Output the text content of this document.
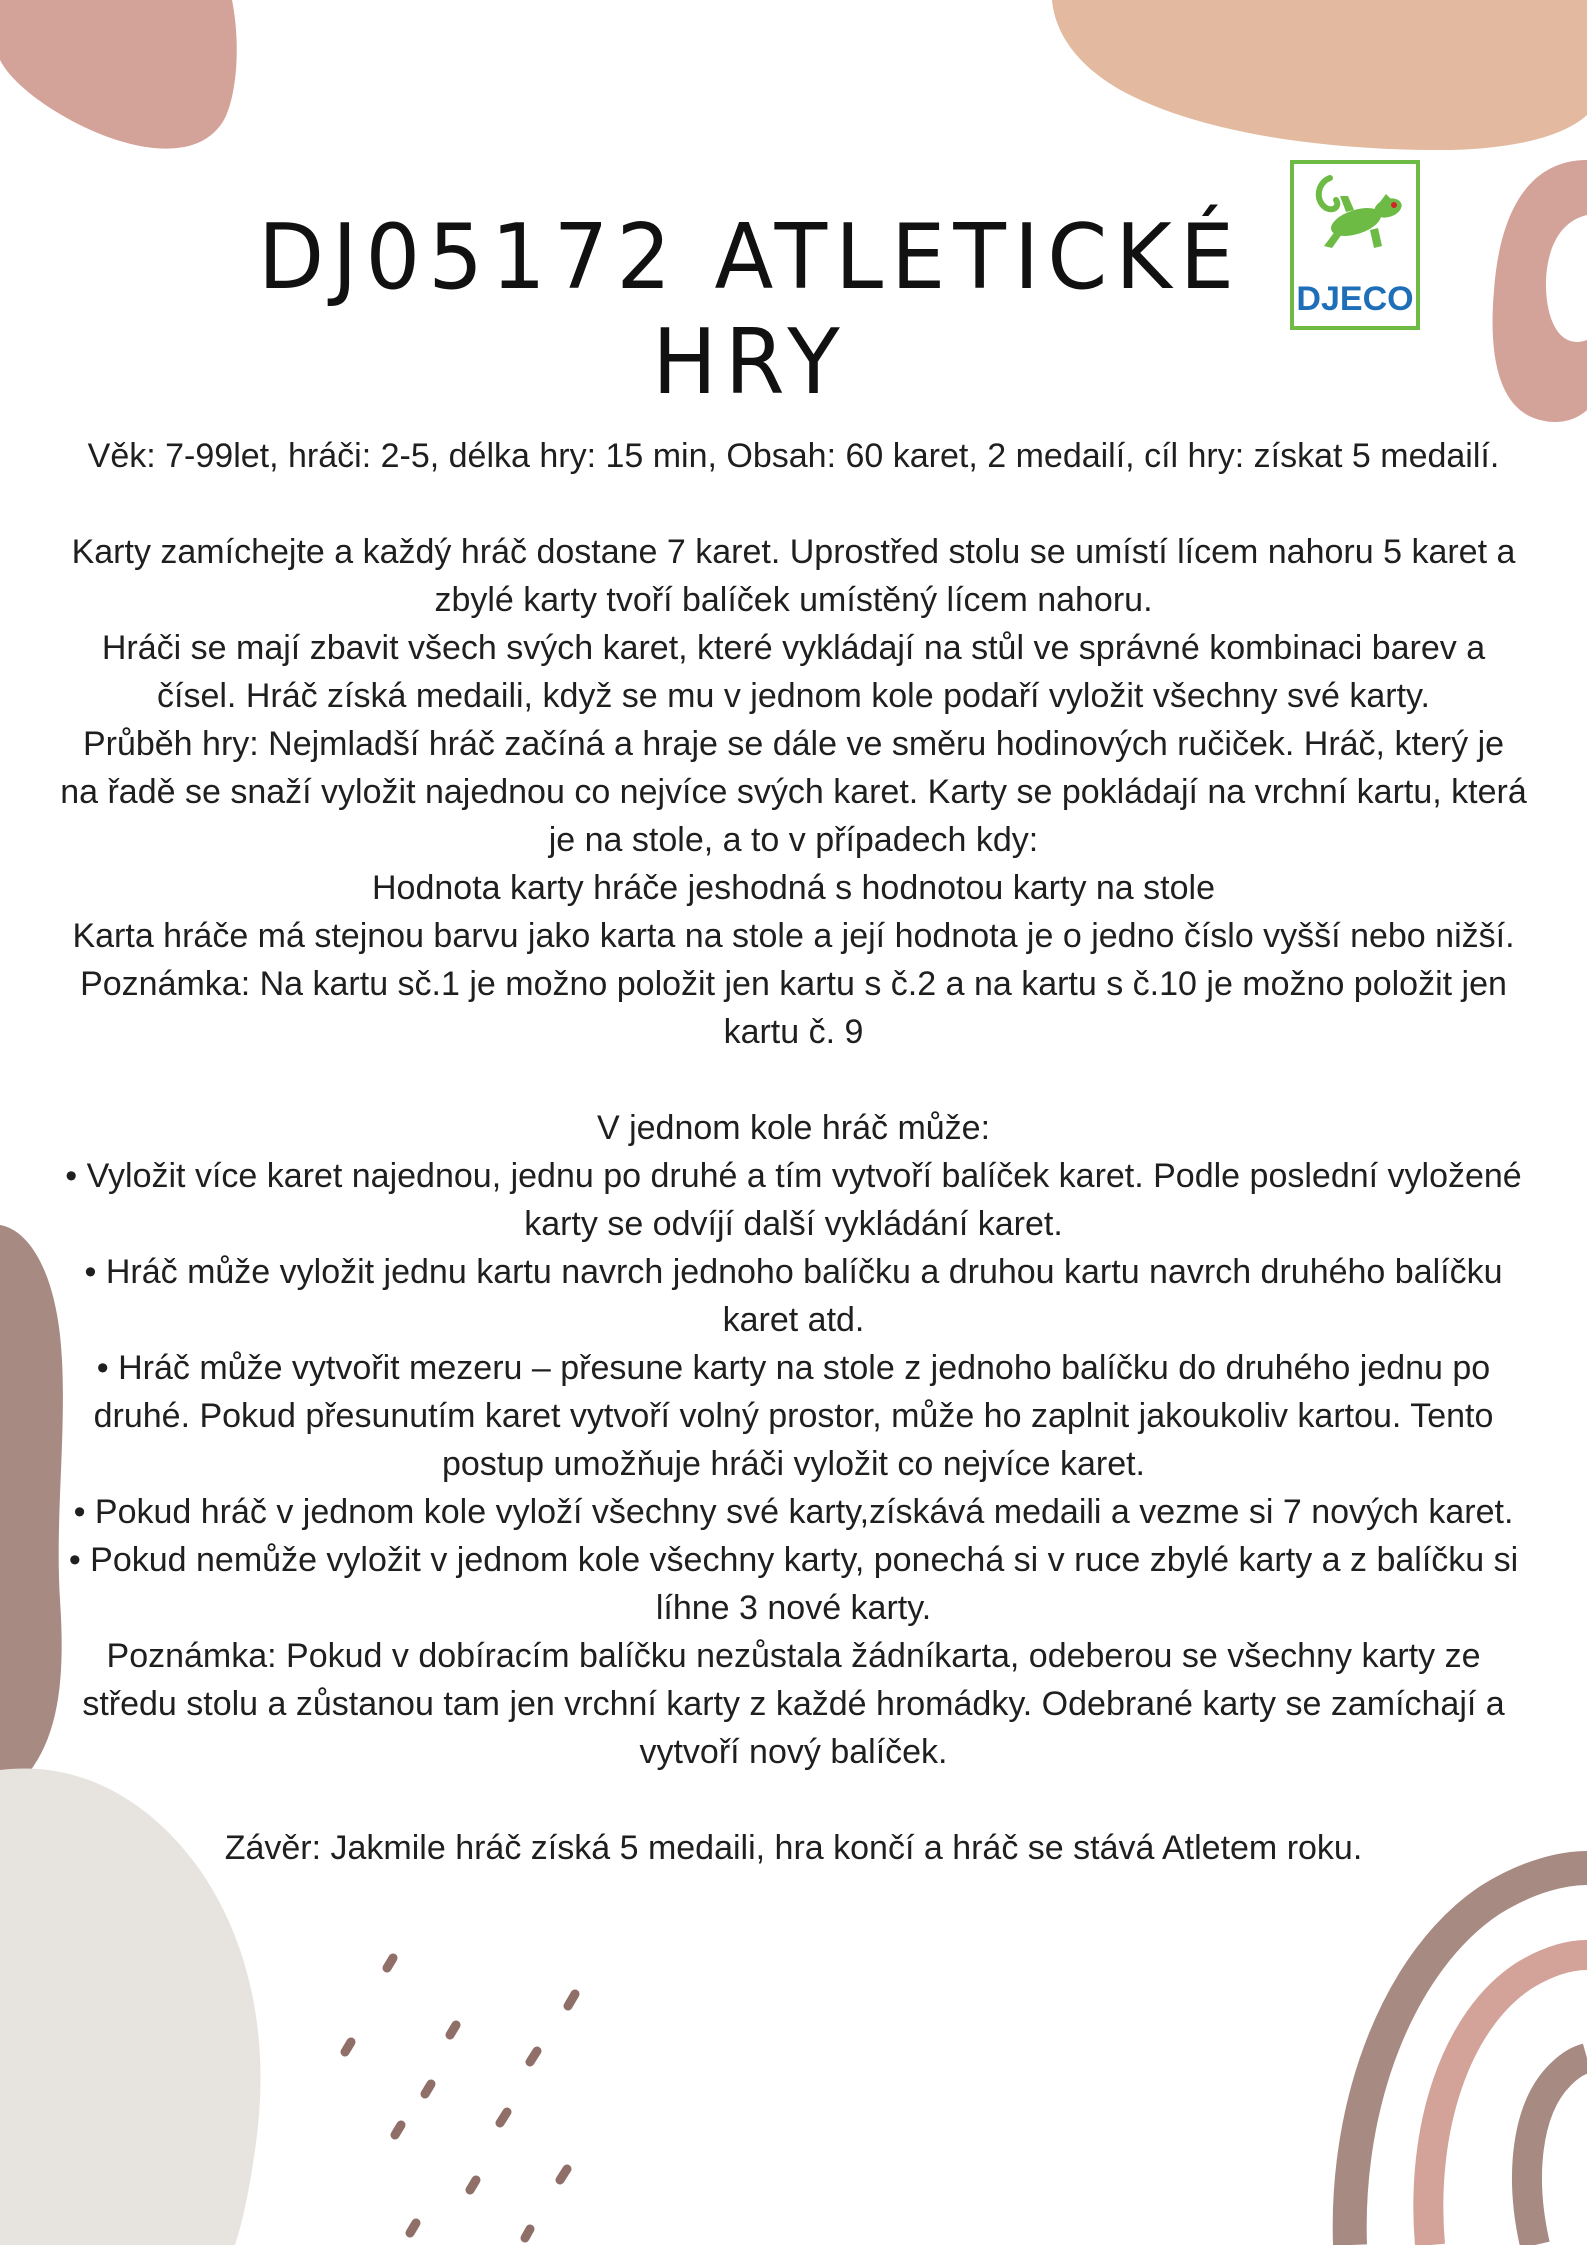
DJ05172 ATLETICKÉ HRY
DJECO

Věk: 7-99let, hráči: 2-5, délka hry: 15 min, Obsah: 60 karet, 2 medailí, cíl hry: získat 5 medailí.

Karty zamíchejte a každý hráč dostane 7 karet. Uprostřed stolu se umístí lícem nahoru 5 karet a zbylé karty tvoří balíček umístěný lícem nahoru.

Hráči se mají zbavit všech svých karet, které vykládají na stůl ve správné kombinaci barev a čísel. Hráč získá medaili, když se mu v jednom kole podaří vyložit všechny své karty.

Průběh hry: Nejmladší hráč začíná a hraje se dále ve směru hodinových ručiček. Hráč, který je na řadě se snaží vyložit najednou co nejvíce svých karet. Karty se pokládají na vrchní kartu, která je na stole, a to v případech kdy:

Hodnota karty hráče jeshodná s hodnotou karty na stole

Karta hráče má stejnou barvu jako karta na stole a její hodnota je o jedno číslo vyšší nebo nižší.

Poznámka: Na kartu sč.1 je možno položit jen kartu s č.2 a na kartu s č.10 je možno položit jen kartu č. 9

V jednom kole hráč může:

• Vyložit více karet najednou, jednu po druhé a tím vytvoří balíček karet. Podle poslední vyložené karty se odvíjí další vykládání karet.

• Hráč může vyložit jednu kartu navrch jednoho balíčku a druhou kartu navrch druhého balíčku karet atd.

• Hráč může vytvořit mezeru – přesune karty na stole z jednoho balíčku do druhého jednu po druhé. Pokud přesunutím karet vytvoří volný prostor, může ho zaplnit jakoukoliv kartou. Tento postup umožňuje hráči vyložit co nejvíce karet.

• Pokud hráč v jednom kole vyloží všechny své karty,získává medaili a vezme si 7 nových karet.

• Pokud nemůže vyložit v jednom kole všechny karty, ponechá si v ruce zbylé karty a z balíčku si líhne 3 nové karty.

Poznámka: Pokud v dobíracím balíčku nezůstala žádníkarta, odeberou se všechny karty ze středu stolu a zůstanou tam jen vrchní karty z každé hromádky. Odebrané karty se zamíchají a vytvoří nový balíček.

Závěr: Jakmile hráč získá 5 medaili, hra končí a hráč se stává Atletem roku.
